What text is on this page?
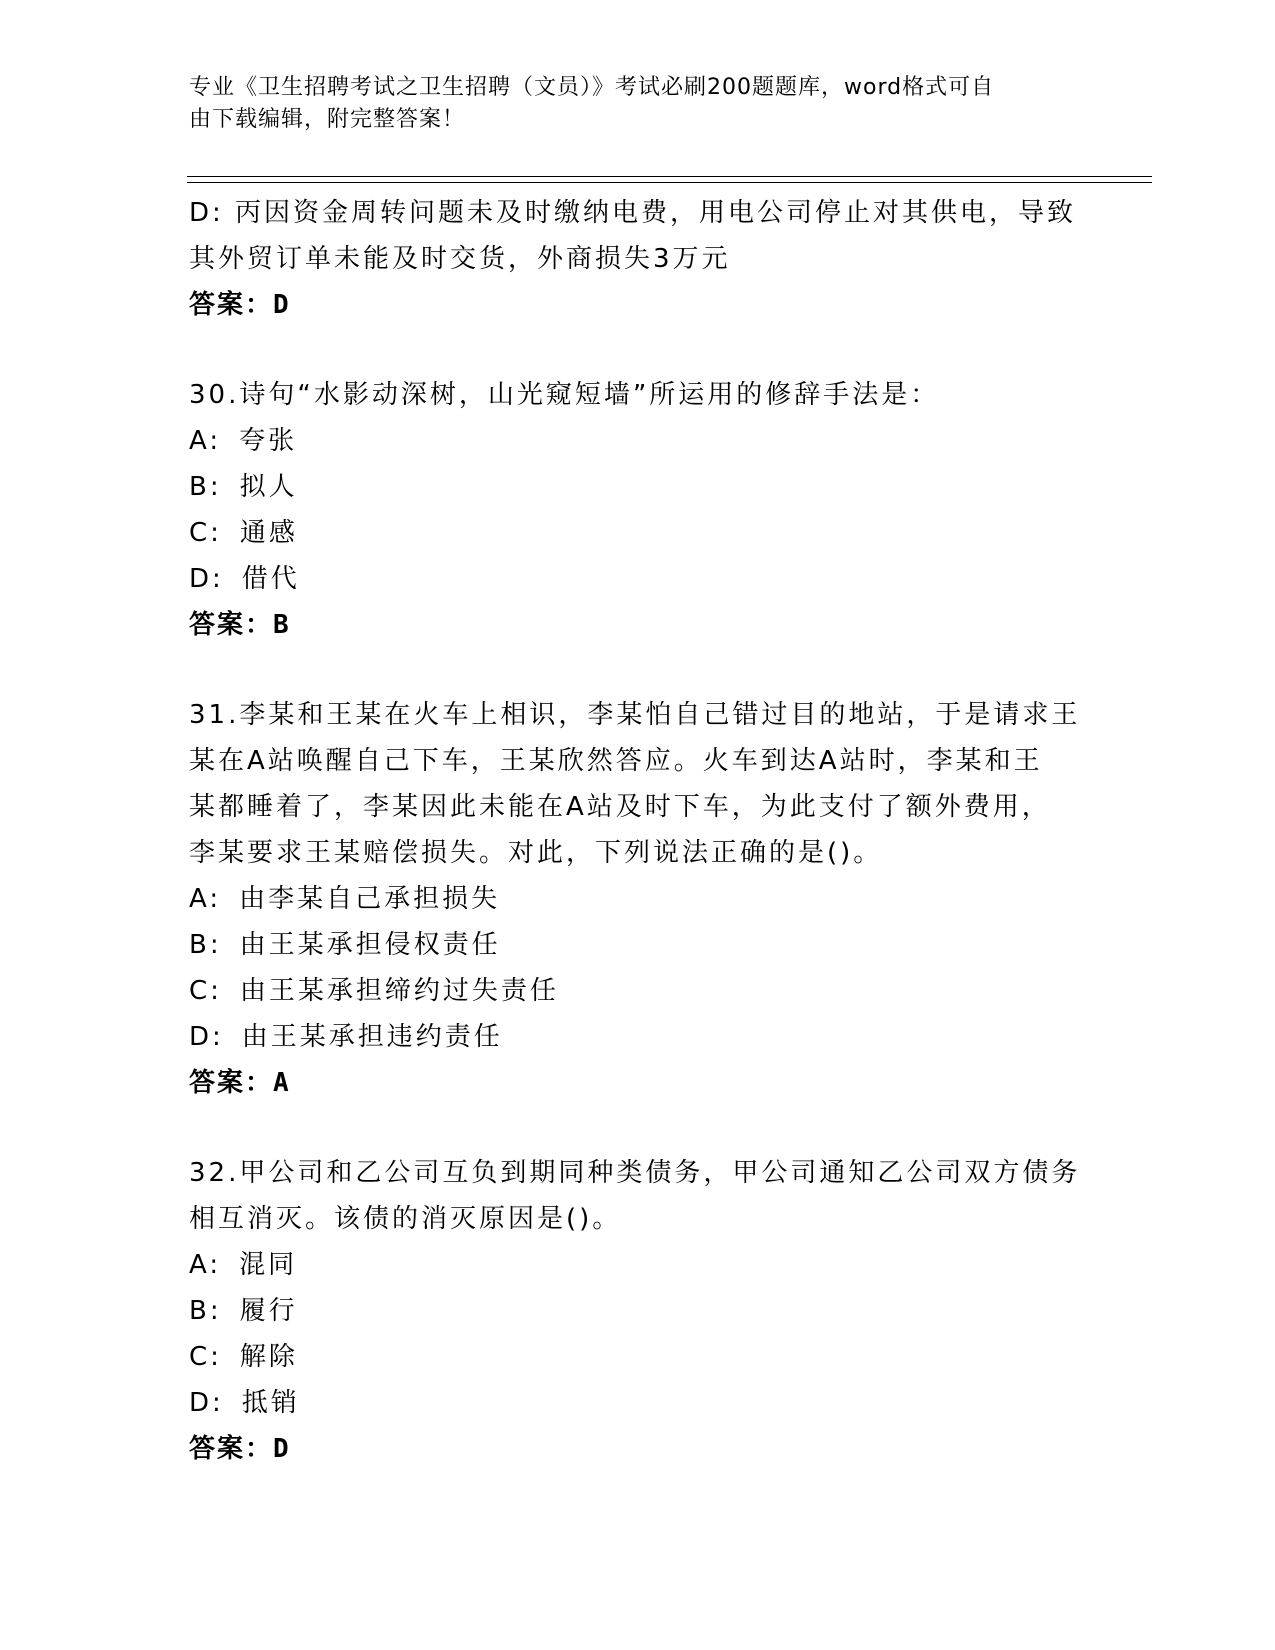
专业《卫生招聘考试之卫生招聘（文员）》考试必刷200题题库，word格式可自
由下载编辑，附完整答案！
D: 丙因资金周转问题未及时缴纳电费，用电公司停止对其供电，导致
其外贸订单未能及时交货，外商损失3万元
答案：D
30.诗句“水影动深树，山光窥短墙”所运用的修辞手法是：
A: 夸张
B: 拟人
C: 通感
D: 借代
答案：B
31.李某和王某在火车上相识，李某怕自己错过目的地站，于是请求王
某在A站唤醒自己下车，王某欣然答应。火车到达A站时，李某和王
某都睡着了，李某因此未能在A站及时下车，为此支付了额外费用，
李某要求王某赔偿损失。对此，下列说法正确的是()。
A: 由李某自己承担损失
B: 由王某承担侵权责任
C: 由王某承担缔约过失责任
D: 由王某承担违约责任
答案：A
32.甲公司和乙公司互负到期同种类债务，甲公司通知乙公司双方债务
相互消灭。该债的消灭原因是()。
A: 混同
B: 履行
C: 解除
D: 抵销
答案：D
